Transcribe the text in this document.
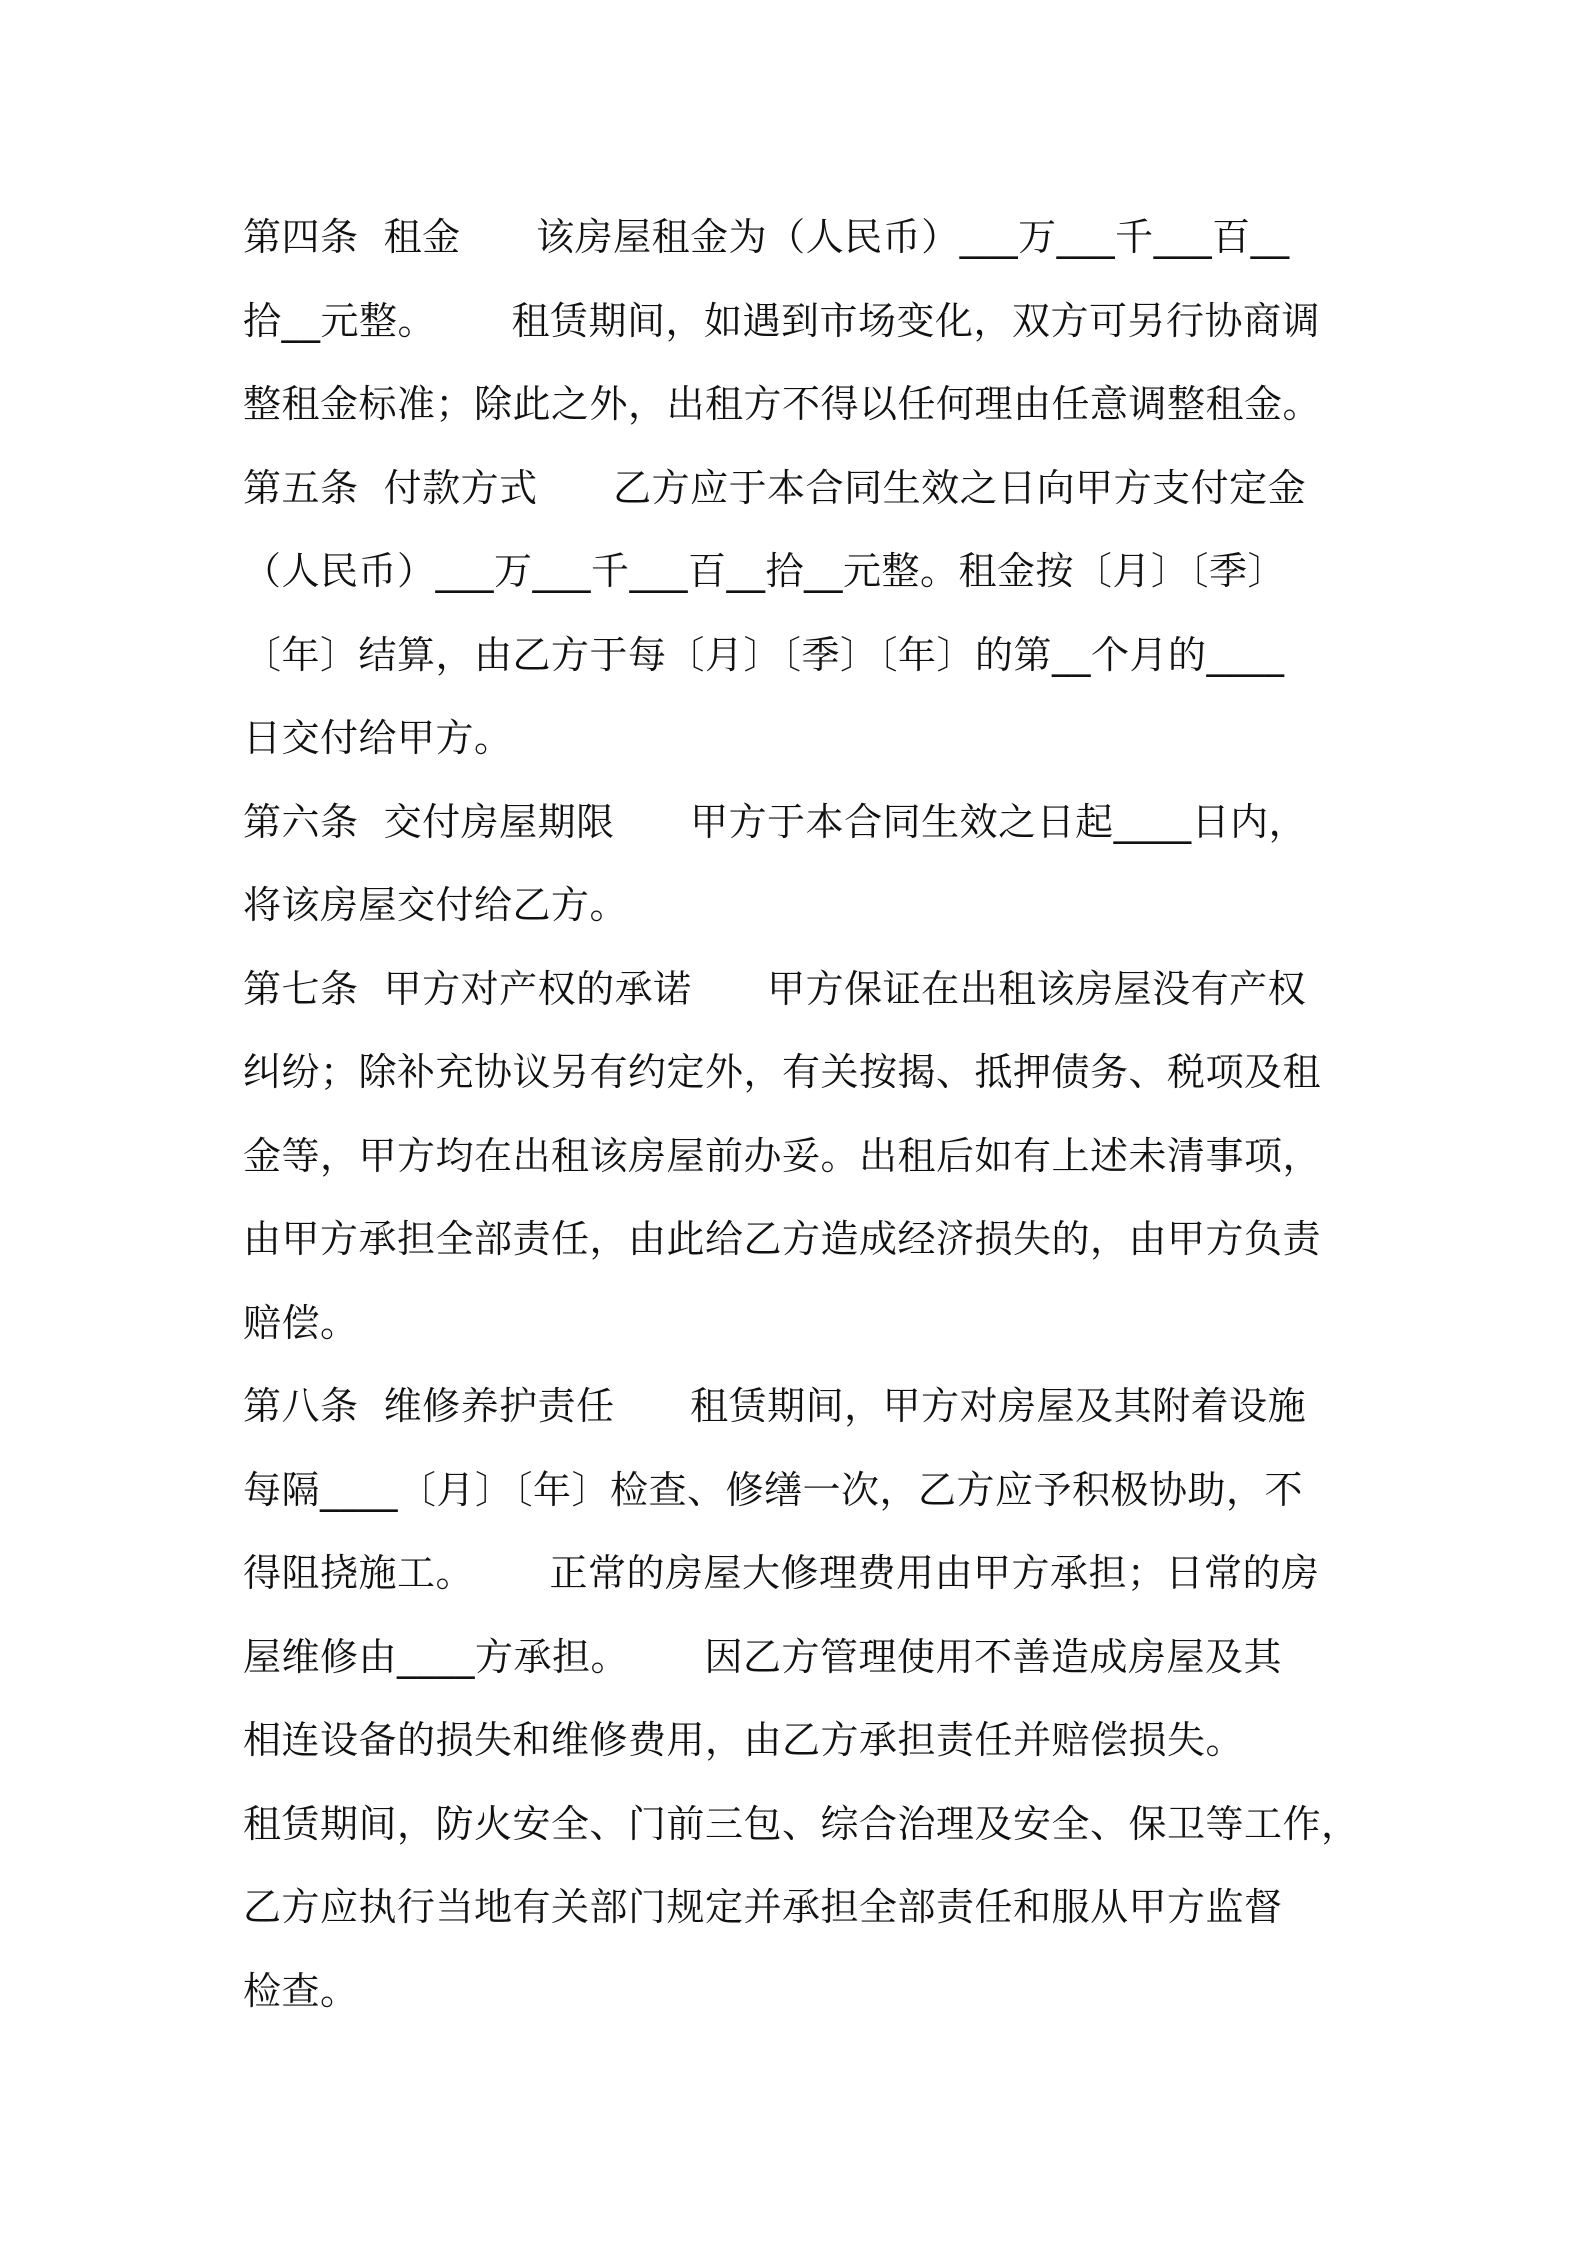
第四条  租金      该房屋租金为（人民币）___万___千___百__
拾__元整。      租赁期间，如遇到市场变化，双方可另行协商调
整租金标准；除此之外，出租方不得以任何理由任意调整租金。
第五条  付款方式      乙方应于本合同生效之日向甲方支付定金
（人民币）___万___千___百__拾__元整。租金按〔月〕〔季〕
〔年〕结算，由乙方于每〔月〕〔季〕〔年〕的第__个月的____
日交付给甲方。
第六条  交付房屋期限      甲方于本合同生效之日起____日内，
将该房屋交付给乙方。
第七条  甲方对产权的承诺      甲方保证在出租该房屋没有产权
纠纷；除补充协议另有约定外，有关按揭、抵押债务、税项及租
金等，甲方均在出租该房屋前办妥。出租后如有上述未清事项，
由甲方承担全部责任，由此给乙方造成经济损失的，由甲方负责
赔偿。
第八条  维修养护责任      租赁期间，甲方对房屋及其附着设施
每隔____〔月〕〔年〕检查、修缮一次，乙方应予积极协助，不
得阻挠施工。      正常的房屋大修理费用由甲方承担；日常的房
屋维修由____方承担。      因乙方管理使用不善造成房屋及其
相连设备的损失和维修费用，由乙方承担责任并赔偿损失。
租赁期间，防火安全、门前三包、综合治理及安全、保卫等工作，
乙方应执行当地有关部门规定并承担全部责任和服从甲方监督
检查。
